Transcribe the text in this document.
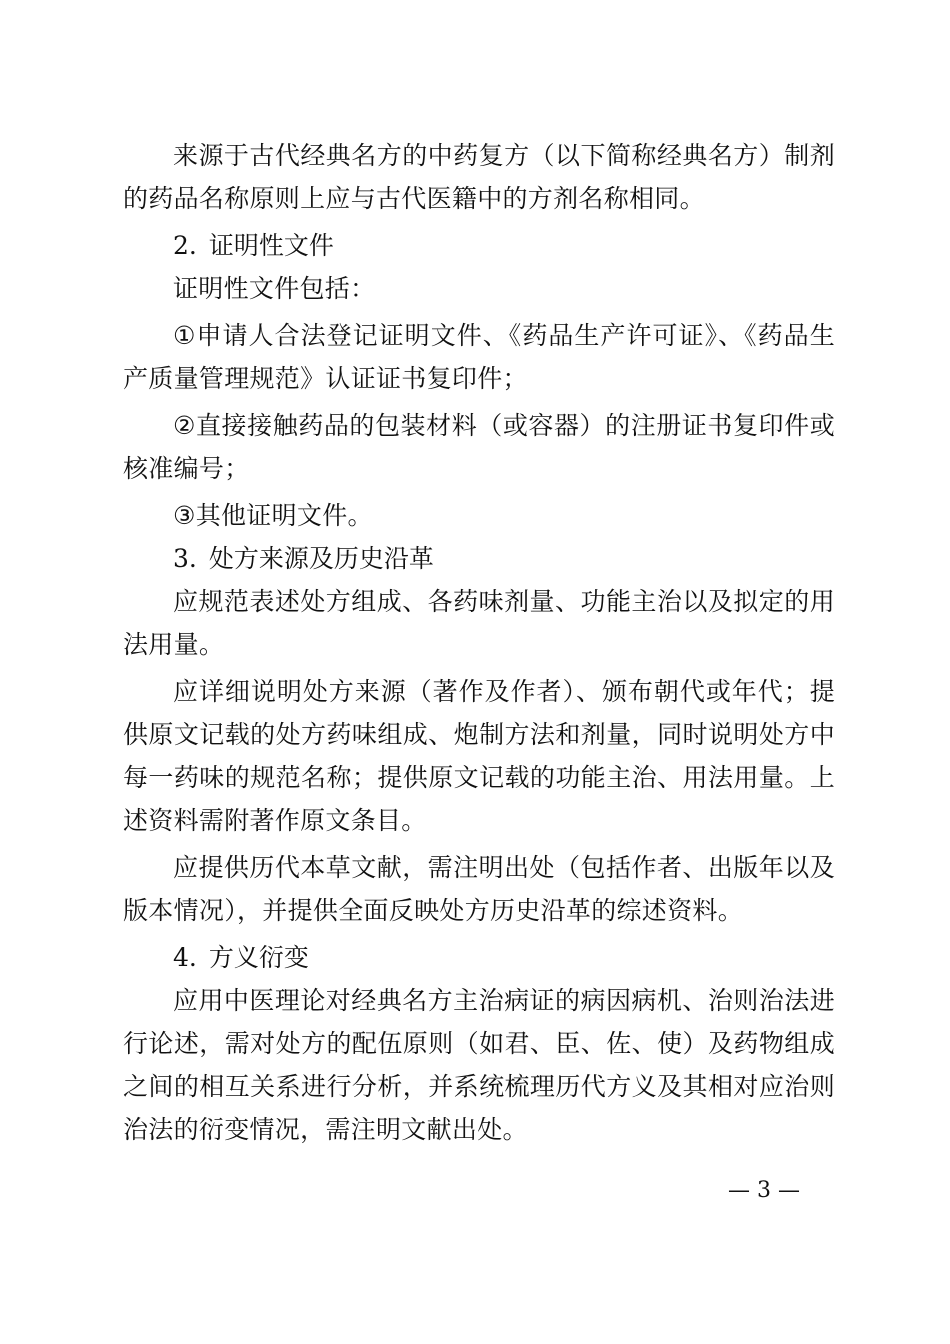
来源于古代经典名方的中药复方（以下简称经典名方）制剂的药品名称原则上应与古代医籍中的方剂名称相同。

2. 证明性文件

证明性文件包括：

①申请人合法登记证明文件、《药品生产许可证》、《药品生产质量管理规范》认证证书复印件；

②直接接触药品的包装材料（或容器）的注册证书复印件或核准编号；

③其他证明文件。

3. 处方来源及历史沿革

应规范表述处方组成、各药味剂量、功能主治以及拟定的用法用量。

应详细说明处方来源（著作及作者）、颁布朝代或年代；提供原文记载的处方药味组成、炮制方法和剂量，同时说明处方中每一药味的规范名称；提供原文记载的功能主治、用法用量。上述资料需附著作原文条目。

应提供历代本草文献，需注明出处（包括作者、出版年以及版本情况），并提供全面反映处方历史沿革的综述资料。

4. 方义衍变

应用中医理论对经典名方主治病证的病因病机、治则治法进行论述，需对处方的配伍原则（如君、臣、佐、使）及药物组成之间的相互关系进行分析，并系统梳理历代方义及其相对应治则治法的衍变情况，需注明文献出处。

— 3 —
